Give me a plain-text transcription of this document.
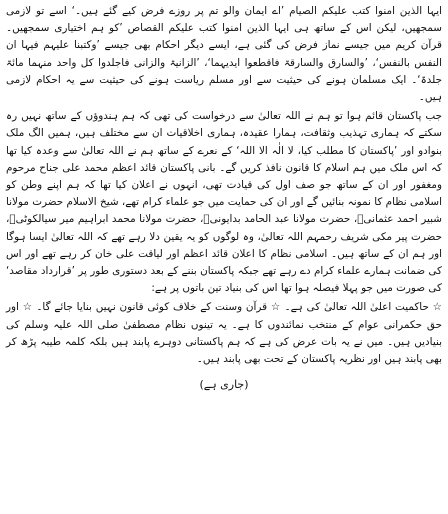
ایہا الذین امنوا کتب علیکم الصیام ’اے ایمان والو تم پر روزے فرض کیے گئے ہیں۔‘ اسے تو لازمی سمجھیں، لیکن اس کے ساتھ ہی ایہا الذین امنوا کتب علیکم القصاص ’کو ہم اختیاری سمجھیں۔ قرآن کریم میں جیسے نماز فرض کی گئی ہے، ایسے دیگر احکام بھی جیسے ’وکتبنا علیہم فیہا ان النفس بالنفس‘، ’والسارق والسارقۃ فاقطعوا ایدیہما‘، ’الزانیۃ والزانی فاجلدوا کل واحد منہما مائۃ جلدۃ‘۔ ایک مسلمان ہونے کی حیثیت سے اور مسلم ریاست ہونے کی حیثیت سے یہ احکام لازمی ہیں۔

جب پاکستان قائم ہوا تو ہم نے اللہ تعالیٰ سے درخواست کی تھی کہ ہم ہندوؤں کے ساتھ نہیں رہ سکتے کہ ہماری تہذیب وثقافت، ہمارا عقیدہ، ہماری اخلاقیات ان سے مختلف ہیں، ہمیں الگ ملک بنوادو اور ’پاکستان کا مطلب کیا، لا الٰہ الا اللہ‘ کے نعرے کے ساتھ ہم نے اللہ تعالیٰ سے وعدہ کیا تھا کہ اس ملک میں ہم اسلام کا قانون نافذ کریں گے۔ بانی پاکستان قائد اعظم محمد علی جناح مرحوم ومغفور اور ان کے ساتھ جو صف اول کی قیادت تھی، انہوں نے اعلان کیا تھا کہ ہم اپنے وطن کو اسلامی نظام کا نمونہ بنائیں گے اور ان کی حمایت میں جو علماء کرام تھے، شیخ الاسلام حضرت مولانا شبیر احمد عثمانیؒ، حضرت مولانا عبد الحامد بدایونیؒ، حضرت مولانا محمد ابراہیم میر سیالکوٹیؒ، حضرت پیر مکی شریف رحمہم اللہ تعالیٰ، وہ لوگوں کو یہ یقین دلا رہے تھے کہ اللہ تعالیٰ ایسا ہوگا اور ہم ان کے ساتھ ہیں۔ اسلامی نظام کا اعلان قائد اعظم اور لیاقت علی خان کر رہے تھے اور اس کی ضمانت ہمارے علماء کرام دے رہے تھے جبکہ پاکستان بننے کے بعد دستوری طور پر ’قرارداد مقاصد‘ کی صورت میں جو پہلا فیصلہ ہوا تھا اس کی بنیاد تین باتوں پر ہے:

☆ حاکمیت اعلیٰ اللہ تعالیٰ کی ہے۔ ☆ قرآن وسنت کے خلاف کوئی قانون نہیں بنایا جائے گا۔ ☆ اور حق حکمرانی عوام کے منتخب نمائندوں کا ہے۔ یہ تینوں نظام مصطفیٰ صلی اللہ علیہ وسلم کی بنیادیں ہیں۔ میں نے یہ بات عرض کی ہے کہ ہم پاکستانی دوہرے پابند ہیں بلکہ کلمہ طیبہ پڑھ کر بھی پابند ہیں اور نظریہ پاکستان کے تحت بھی پابند ہیں۔

(جاری ہے)
